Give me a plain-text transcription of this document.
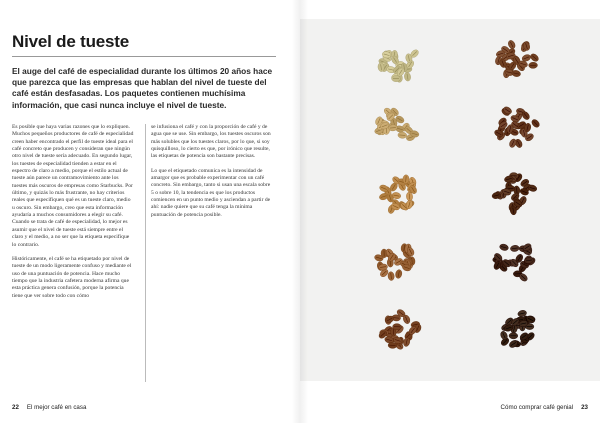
Nivel de tueste

El auge del café de especialidad durante los últimos 20 años hace que parezca que las empresas que hablan del nivel de tueste del café están desfasadas. Los paquetes contienen muchísima información, que casi nunca incluye el nivel de tueste.

Es posible que haya varias razones que lo expliquen. Muchos pequeños productores de café de especialidad creen haber encontrado el perfil de tueste ideal para el café concreto que producen y consideran que ningún otro nivel de tueste sería adecuado. En segundo lugar, los tuestes de especialidad tienden a estar en el espectro de claro a medio, porque el estilo actual de tueste aún parece un contramovimiento ante los tuestes más oscuros de empresas como Starbucks. Por último, y quizás lo más frustrante, no hay criterios reales que especifiquen qué es un tueste claro, medio u oscuro. Sin embargo, creo que esta información ayudaría a muchos consumidores a elegir su café. Cuando se trata de café de especialidad, lo mejor es asumir que el nivel de tueste está siempre entre el claro y el medio, a no ser que la etiqueta especifique lo contrario.

Históricamente, el café se ha etiquetado por nivel de tueste de un modo ligeramente confuso y mediante el uso de una puntuación de potencia. Hace mucho tiempo que la industria cafetera moderna afirma que esta práctica genera confusión, porque la potencia tiene que ver sobre todo con cómo

se infusiona el café y con la proporción de café y de agua que se use. Sin embargo, los tuestes oscuros son más solubles que los tuestes claros, por lo que, si soy quisquilloso, lo cierto es que, por irónico que resulte, las etiquetas de potencia son bastante precisas.

Lo que el etiquetado comunica es la intensidad de amargor que es probable experimentar con un café concreto. Sin embargo, tanto si usan una escala sobre 5 o sobre 10, la tendencia es que los productos comiencen en un punto medio y asciendan a partir de ahí: nadie quiere que su café tenga la mínima puntuación de potencia posible.

22 El mejor café en casa	Cómo comprar café genial 23
